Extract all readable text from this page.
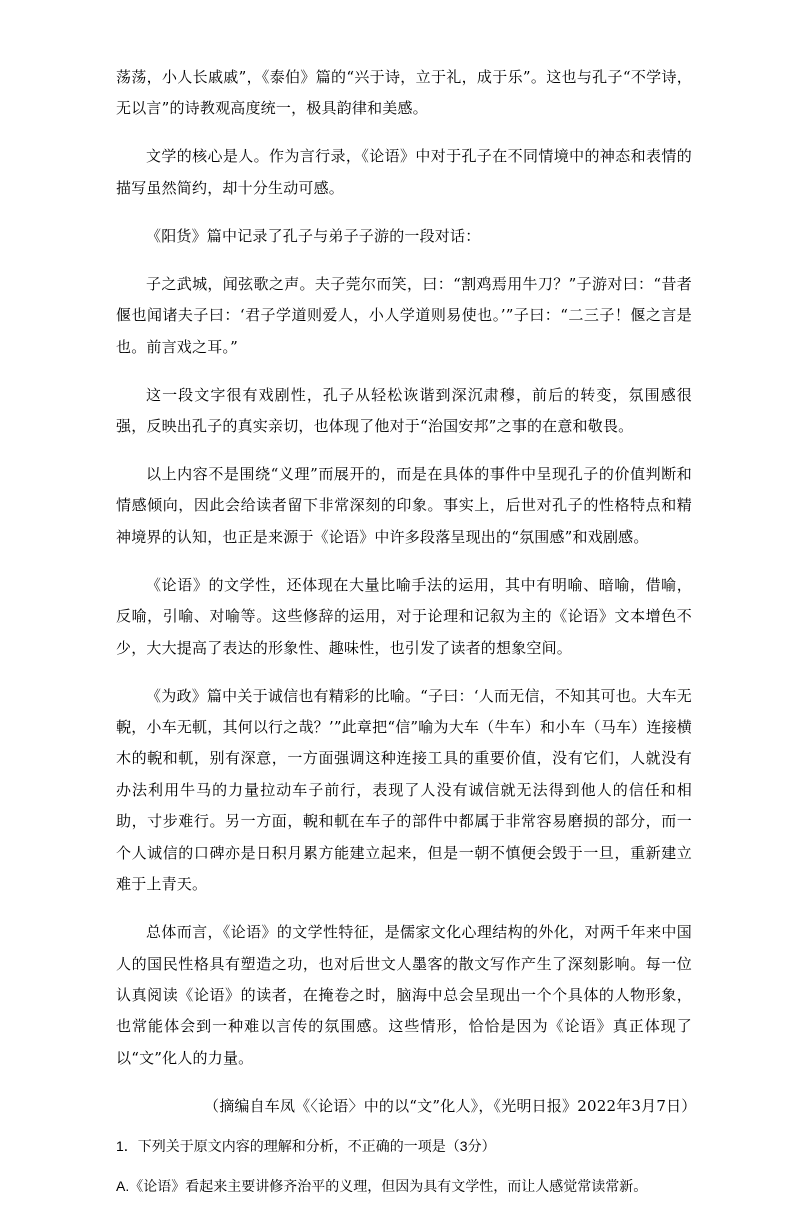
荡荡，小人长戚戚”，《泰伯》篇的“兴于诗，立于礼，成于乐”。这也与孔子“不学诗，无以言”的诗教观高度统一，极具韵律和美感。

文学的核心是人。作为言行录，《论语》中对于孔子在不同情境中的神态和表情的描写虽然简约，却十分生动可感。

《阳货》篇中记录了孔子与弟子子游的一段对话：

子之武城，闻弦歌之声。夫子莞尔而笑，曰：“割鸡焉用牛刀？”子游对曰：“昔者偃也闻诸夫子曰：‘君子学道则爱人，小人学道则易使也。’”子曰：“二三子！偃之言是也。前言戏之耳。”

这一段文字很有戏剧性，孔子从轻松诙谐到深沉肃穆，前后的转变，氛围感很强，反映出孔子的真实亲切，也体现了他对于“治国安邦”之事的在意和敬畏。

以上内容不是围绕“义理”而展开的，而是在具体的事件中呈现孔子的价值判断和情感倾向，因此会给读者留下非常深刻的印象。事实上，后世对孔子的性格特点和精神境界的认知，也正是来源于《论语》中许多段落呈现出的“氛围感”和戏剧感。

《论语》的文学性，还体现在大量比喻手法的运用，其中有明喻、暗喻，借喻，反喻，引喻、对喻等。这些修辞的运用，对于论理和记叙为主的《论语》文本增色不少，大大提高了表达的形象性、趣味性，也引发了读者的想象空间。

《为政》篇中关于诚信也有精彩的比喻。“子曰：‘人而无信，不知其可也。大车无輗，小车无軏，其何以行之哉？’”此章把“信”喻为大车（牛车）和小车（马车）连接横木的輗和軏，别有深意，一方面强调这种连接工具的重要价值，没有它们，人就没有办法利用牛马的力量拉动车子前行，表现了人没有诚信就无法得到他人的信任和相助，寸步难行。另一方面，輗和軏在车子的部件中都属于非常容易磨损的部分，而一个人诚信的口碑亦是日积月累方能建立起来，但是一朝不慎便会毁于一旦，重新建立难于上青天。

总体而言，《论语》的文学性特征，是儒家文化心理结构的外化，对两千年来中国人的国民性格具有塑造之功，也对后世文人墨客的散文写作产生了深刻影响。每一位认真阅读《论语》的读者，在掩卷之时，脑海中总会呈现出一个个具体的人物形象，也常能体会到一种难以言传的氛围感。这些情形，恰恰是因为《论语》真正体现了以“文”化人的力量。

（摘编自车凤《〈论语〉中的以“文”化人》，《光明日报》2022年3月7日）

1．下列关于原文内容的理解和分析，不正确的一项是（3分）

A.《论语》看起来主要讲修齐治平的义理，但因为具有文学性，而让人感觉常读常新。
